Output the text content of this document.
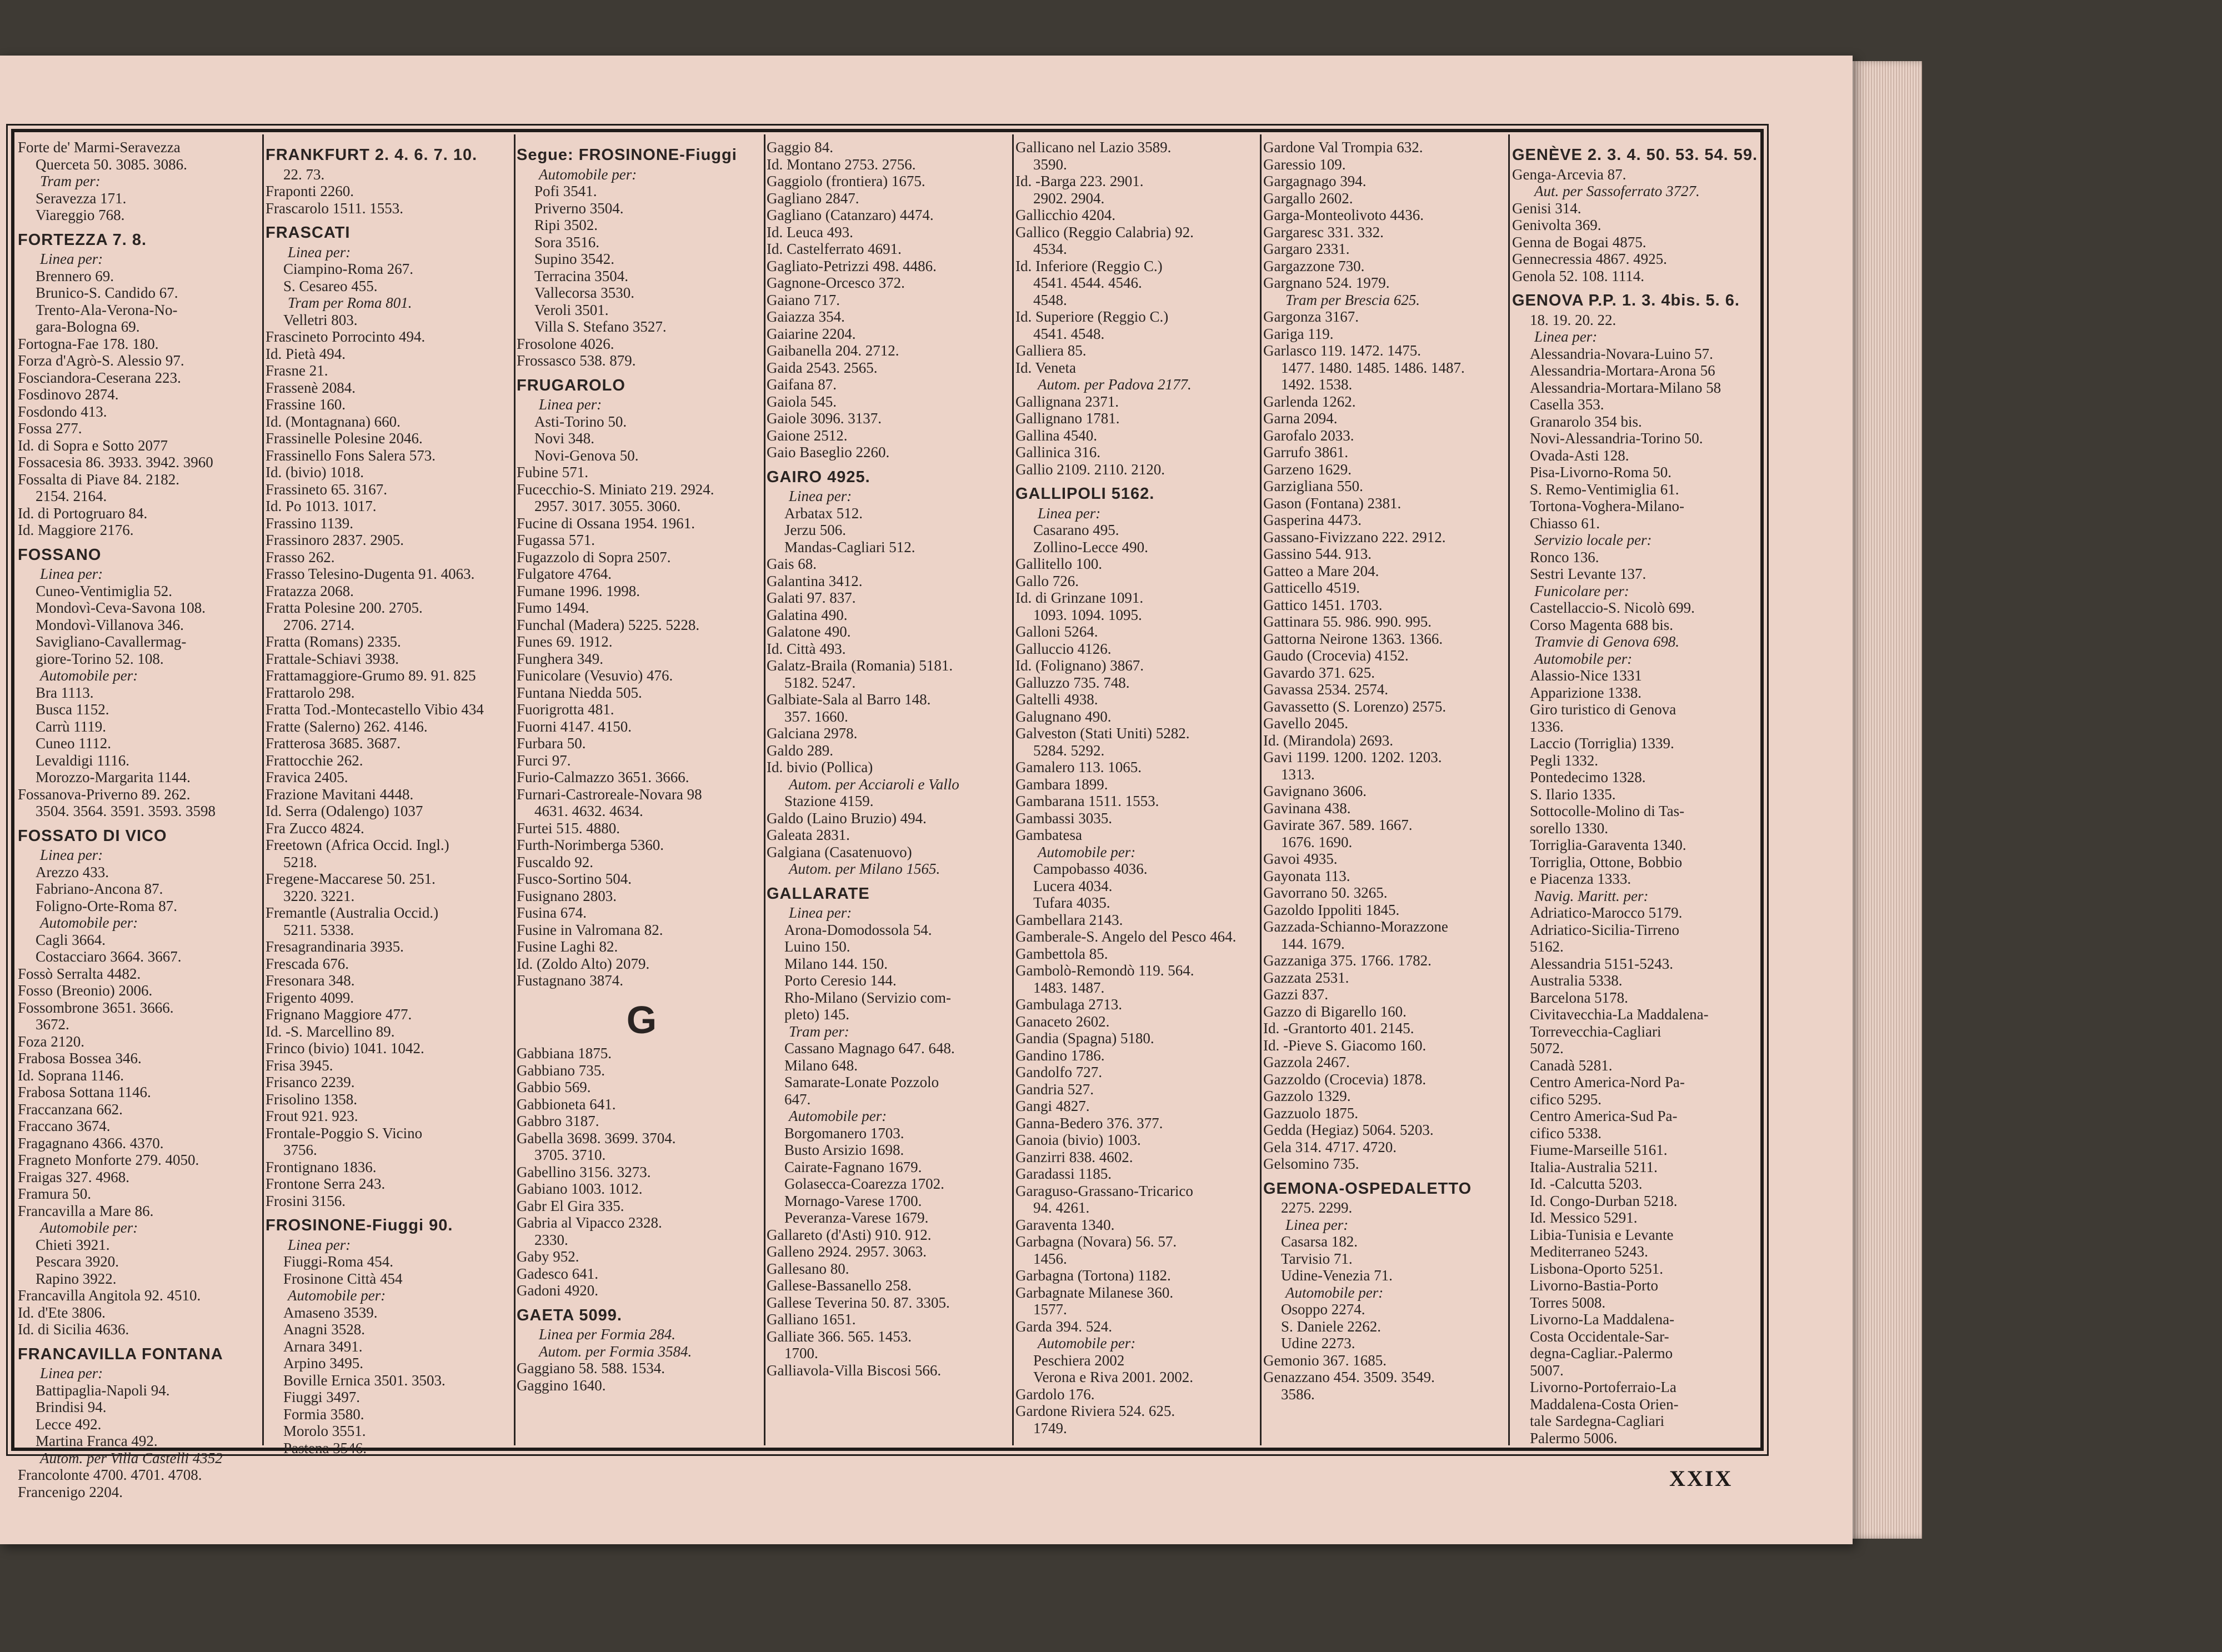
Forte de' Marmi-Seravezza
Querceta 50. 3085. 3086.
Tram per:
Seravezza 171.
Viareggio 768.
FORTEZZA 7. 8.
Linea per:
Brennero 69.
Brunico-S. Candido 67.
Trento-Ala-Verona-No-
gara-Bologna 69.
Fortogna-Fae 178. 180.
Forza d'Agrò-S. Alessio 97.
Fosciandora-Ceserana 223.
Fosdinovo 2874.
Fosdondo 413.
Fossa 277.
Id. di Sopra e Sotto 2077
Fossacesia 86. 3933. 3942. 3960
Fossalta di Piave 84. 2182.
2154. 2164.
Id. di Portogruaro 84.
Id. Maggiore 2176.
FOSSANO
Linea per:
Cuneo-Ventimiglia 52.
Mondovì-Ceva-Savona 108.
Mondovì-Villanova 346.
Savigliano-Cavallermag-
giore-Torino 52. 108.
Automobile per:
Bra 1113.
Busca 1152.
Carrù 1119.
Cuneo 1112.
Levaldigi 1116.
Morozzo-Margarita 1144.
Fossanova-Priverno 89. 262.
3504. 3564. 3591. 3593. 3598
FOSSATO DI VICO
Linea per:
Arezzo 433.
Fabriano-Ancona 87.
Foligno-Orte-Roma 87.
Automobile per:
Cagli 3664.
Costacciaro 3664. 3667.
Fossò Serralta 4482.
Fosso (Breonio) 2006.
Fossombrone 3651. 3666.
3672.
Foza 2120.
Frabosa Bossea 346.
Id. Soprana 1146.
Frabosa Sottana 1146.
Fraccanzana 662.
Fraccano 3674.
Fragagnano 4366. 4370.
Fragneto Monforte 279. 4050.
Fraigas 327. 4968.
Framura 50.
Francavilla a Mare 86.
Automobile per:
Chieti 3921.
Pescara 3920.
Rapino 3922.
Francavilla Angitola 92. 4510.
Id. d'Ete 3806.
Id. di Sicilia 4636.
FRANCAVILLA FONTANA
Linea per:
Battipaglia-Napoli 94.
Brindisi 94.
Lecce 492.
Martina Franca 492.
Autom. per Villa Castelli 4352
Francolonte 4700. 4701. 4708.
Francenigo 2204.
FRANKFURT 2. 4. 6. 7. 10.
22. 73.
Fraponti 2260.
Frascarolo 1511. 1553.
FRASCATI
Linea per:
Ciampino-Roma 267.
S. Cesareo 455.
Tram per Roma 801.
Velletri 803.
Frascineto Porrocinto 494.
Id. Pietà 494.
Frasne 21.
Frassenè 2084.
Frassine 160.
Id. (Montagnana) 660.
Frassinelle Polesine 2046.
Frassinello Fons Salera 573.
Id. (bivio) 1018.
Frassineto 65. 3167.
Id. Po 1013. 1017.
Frassino 1139.
Frassinoro 2837. 2905.
Frasso 262.
Frasso Telesino-Dugenta 91. 4063.
Fratazza 2068.
Fratta Polesine 200. 2705.
2706. 2714.
Fratta (Romans) 2335.
Frattale-Schiavi 3938.
Frattamaggiore-Grumo 89. 91. 825
Frattarolo 298.
Fratta Tod.-Montecastello Vibio 434
Fratte (Salerno) 262. 4146.
Fratterosa 3685. 3687.
Frattocchie 262.
Fravica 2405.
Frazione Mavitani 4448.
Id. Serra (Odalengo) 1037
Fra Zucco 4824.
Freetown (Africa Occid. Ingl.)
5218.
Fregene-Maccarese 50. 251.
3220. 3221.
Fremantle (Australia Occid.)
5211. 5338.
Fresagrandinaria 3935.
Frescada 676.
Fresonara 348.
Frigento 4099.
Frignano Maggiore 477.
Id. -S. Marcellino 89.
Frinco (bivio) 1041. 1042.
Frisa 3945.
Frisanco 2239.
Frisolino 1358.
Frout 921. 923.
Frontale-Poggio S. Vicino
3756.
Frontignano 1836.
Frontone Serra 243.
Frosini 3156.
FROSINONE-Fiuggi 90.
Linea per:
Fiuggi-Roma 454.
Frosinone Città 454
Automobile per:
Amaseno 3539.
Anagni 3528.
Arnara 3491.
Arpino 3495.
Boville Ernica 3501. 3503.
Fiuggi 3497.
Formia 3580.
Morolo 3551.
Pastena 3546.
Segue: FROSINONE-Fiuggi
Automobile per:
Pofi 3541.
Priverno 3504.
Ripi 3502.
Sora 3516.
Supino 3542.
Terracina 3504.
Vallecorsa 3530.
Veroli 3501.
Villa S. Stefano 3527.
Frosolone 4026.
Frossasco 538. 879.
FRUGAROLO
Linea per:
Asti-Torino 50.
Novi 348.
Novi-Genova 50.
Fubine 571.
Fucecchio-S. Miniato 219. 2924.
2957. 3017. 3055. 3060.
Fucine di Ossana 1954. 1961.
Fugassa 571.
Fugazzolo di Sopra 2507.
Fulgatore 4764.
Fumane 1996. 1998.
Fumo 1494.
Funchal (Madera) 5225. 5228.
Funes 69. 1912.
Funghera 349.
Funicolare (Vesuvio) 476.
Funtana Niedda 505.
Fuorigrotta 481.
Fuorni 4147. 4150.
Furbara 50.
Furci 97.
Furio-Calmazzo 3651. 3666.
Furnari-Castroreale-Novara 98
4631. 4632. 4634.
Furtei 515. 4880.
Furth-Norimberga 5360.
Fuscaldo 92.
Fusco-Sortino 504.
Fusignano 2803.
Fusina 674.
Fusine in Valromana 82.
Fusine Laghi 82.
Id. (Zoldo Alto) 2079.
Fustagnano 3874.
G
Gabbiana 1875.
Gabbiano 735.
Gabbio 569.
Gabbioneta 641.
Gabbro 3187.
Gabella 3698. 3699. 3704.
3705. 3710.
Gabellino 3156. 3273.
Gabiano 1003. 1012.
Gabr El Gira 335.
Gabria al Vipacco 2328.
2330.
Gaby 952.
Gadesco 641.
Gadoni 4920.
GAETA 5099.
Linea per Formia 284.
Autom. per Formia 3584.
Gaggiano 58. 588. 1534.
Gaggino 1640.
Gaggio 84.
Id. Montano 2753. 2756.
Gaggiolo (frontiera) 1675.
Gagliano 2847.
Gagliano (Catanzaro) 4474.
Id. Leuca 493.
Id. Castelferrato 4691.
Gagliato-Petrizzi 498. 4486.
Gagnone-Orcesco 372.
Gaiano 717.
Gaiazza 354.
Gaiarine 2204.
Gaibanella 204. 2712.
Gaida 2543. 2565.
Gaifana 87.
Gaiola 545.
Gaiole 3096. 3137.
Gaione 2512.
Gaio Baseglio 2260.
GAIRO 4925.
Linea per:
Arbatax 512.
Jerzu 506.
Mandas-Cagliari 512.
Gais 68.
Galantina 3412.
Galati 97. 837.
Galatina 490.
Galatone 490.
Id. Città 493.
Galatz-Braila (Romania) 5181.
5182. 5247.
Galbiate-Sala al Barro 148.
357. 1660.
Galciana 2978.
Galdo 289.
Id. bivio (Pollica)
Autom. per Acciaroli e Vallo
Stazione 4159.
Galdo (Laino Bruzio) 494.
Galeata 2831.
Galgiana (Casatenuovo)
Autom. per Milano 1565.
GALLARATE
Linea per:
Arona-Domodossola 54.
Luino 150.
Milano 144. 150.
Porto Ceresio 144.
Rho-Milano (Servizio com-
pleto) 145.
Tram per:
Cassano Magnago 647. 648.
Milano 648.
Samarate-Lonate Pozzolo
647.
Automobile per:
Borgomanero 1703.
Busto Arsizio 1698.
Cairate-Fagnano 1679.
Golasecca-Coarezza 1702.
Mornago-Varese 1700.
Peveranza-Varese 1679.
Gallareto (d'Asti) 910. 912.
Galleno 2924. 2957. 3063.
Gallesano 80.
Gallese-Bassanello 258.
Gallese Teverina 50. 87. 3305.
Galliano 1651.
Galliate 366. 565. 1453.
1700.
Galliavola-Villa Biscosi 566.
Gallicano nel Lazio 3589.
3590.
Id. -Barga 223. 2901.
2902. 2904.
Gallicchio 4204.
Gallico (Reggio Calabria) 92.
4534.
Id. Inferiore (Reggio C.)
4541. 4544. 4546.
4548.
Id. Superiore (Reggio C.)
4541. 4548.
Galliera 85.
Id. Veneta
Autom. per Padova 2177.
Gallignana 2371.
Gallignano 1781.
Gallina 4540.
Gallinica 316.
Gallio 2109. 2110. 2120.
GALLIPOLI 5162.
Linea per:
Casarano 495.
Zollino-Lecce 490.
Gallitello 100.
Gallo 726.
Id. di Grinzane 1091.
1093. 1094. 1095.
Galloni 5264.
Galluccio 4126.
Id. (Folignano) 3867.
Galluzzo 735. 748.
Galtelli 4938.
Galugnano 490.
Galveston (Stati Uniti) 5282.
5284. 5292.
Gamalero 113. 1065.
Gambara 1899.
Gambarana 1511. 1553.
Gambassi 3035.
Gambatesa
Automobile per:
Campobasso 4036.
Lucera 4034.
Tufara 4035.
Gambellara 2143.
Gamberale-S. Angelo del Pesco 464.
Gambettola 85.
Gambolò-Remondò 119. 564.
1483. 1487.
Gambulaga 2713.
Ganaceto 2602.
Gandia (Spagna) 5180.
Gandino 1786.
Gandolfo 727.
Gandria 527.
Gangi 4827.
Ganna-Bedero 376. 377.
Ganoia (bivio) 1003.
Ganzirri 838. 4602.
Garadassi 1185.
Garaguso-Grassano-Tricarico
94. 4261.
Garaventa 1340.
Garbagna (Novara) 56. 57.
1456.
Garbagna (Tortona) 1182.
Garbagnate Milanese 360.
1577.
Garda 394. 524.
Automobile per:
Peschiera 2002
Verona e Riva 2001. 2002.
Gardolo 176.
Gardone Riviera 524. 625.
1749.
Gardone Val Trompia 632.
Garessio 109.
Gargagnago 394.
Gargallo 2602.
Garga-Monteolivoto 4436.
Gargaresc 331. 332.
Gargaro 2331.
Gargazzone 730.
Gargnano 524. 1979.
Tram per Brescia 625.
Gargonza 3167.
Gariga 119.
Garlasco 119. 1472. 1475.
1477. 1480. 1485. 1486. 1487.
1492. 1538.
Garlenda 1262.
Garna 2094.
Garofalo 2033.
Garrufo 3861.
Garzeno 1629.
Garzigliana 550.
Gason (Fontana) 2381.
Gasperina 4473.
Gassano-Fivizzano 222. 2912.
Gassino 544. 913.
Gatteo a Mare 204.
Gatticello 4519.
Gattico 1451. 1703.
Gattinara 55. 986. 990. 995.
Gattorna Neirone 1363. 1366.
Gaudo (Crocevia) 4152.
Gavardo 371. 625.
Gavassa 2534. 2574.
Gavassetto (S. Lorenzo) 2575.
Gavello 2045.
Id. (Mirandola) 2693.
Gavi 1199. 1200. 1202. 1203.
1313.
Gavignano 3606.
Gavinana 438.
Gavirate 367. 589. 1667.
1676. 1690.
Gavoi 4935.
Gayonata 113.
Gavorrano 50. 3265.
Gazoldo Ippoliti 1845.
Gazzada-Schianno-Morazzone
144. 1679.
Gazzaniga 375. 1766. 1782.
Gazzata 2531.
Gazzi 837.
Gazzo di Bigarello 160.
Id. -Grantorto 401. 2145.
Id. -Pieve S. Giacomo 160.
Gazzola 2467.
Gazzoldo (Crocevia) 1878.
Gazzolo 1329.
Gazzuolo 1875.
Gedda (Hegiaz) 5064. 5203.
Gela 314. 4717. 4720.
Gelsomino 735.
GEMONA-OSPEDALETTO
2275. 2299.
Linea per:
Casarsa 182.
Tarvisio 71.
Udine-Venezia 71.
Automobile per:
Osoppo 2274.
S. Daniele 2262.
Udine 2273.
Gemonio 367. 1685.
Genazzano 454. 3509. 3549.
3586.
GENÈVE 2. 3. 4. 50. 53. 54. 59.
Genga-Arcevia 87.
Aut. per Sassoferrato 3727.
Genisi 314.
Genivolta 369.
Genna de Bogai 4875.
Gennecressia 4867. 4925.
Genola 52. 108. 1114.
GENOVA P.P. 1. 3. 4bis. 5. 6.
18. 19. 20. 22.
Linea per:
Alessandria-Novara-Luino 57.
Alessandria-Mortara-Arona 56
Alessandria-Mortara-Milano 58
Casella 353.
Granarolo 354 bis.
Novi-Alessandria-Torino 50.
Ovada-Asti 128.
Pisa-Livorno-Roma 50.
S. Remo-Ventimiglia 61.
Tortona-Voghera-Milano-
Chiasso 61.
Servizio locale per:
Ronco 136.
Sestri Levante 137.
Funicolare per:
Castellaccio-S. Nicolò 699.
Corso Magenta 688 bis.
Tramvie di Genova 698.
Automobile per:
Alassio-Nice 1331
Apparizione 1338.
Giro turistico di Genova
1336.
Laccio (Torriglia) 1339.
Pegli 1332.
Pontedecimo 1328.
S. Ilario 1335.
Sottocolle-Molino di Tas-
sorello 1330.
Torriglia-Garaventa 1340.
Torriglia, Ottone, Bobbio
e Piacenza 1333.
Navig. Maritt. per:
Adriatico-Marocco 5179.
Adriatico-Sicilia-Tirreno
5162.
Alessandria 5151-5243.
Australia 5338.
Barcelona 5178.
Civitavecchia-La Maddalena-
Torrevecchia-Cagliari
5072.
Canadà 5281.
Centro America-Nord Pa-
cifico 5295.
Centro America-Sud Pa-
cifico 5338.
Fiume-Marseille 5161.
Italia-Australia 5211.
Id. -Calcutta 5203.
Id. Congo-Durban 5218.
Id. Messico 5291.
Libia-Tunisia e Levante
Mediterraneo 5243.
Lisbona-Oporto 5251.
Livorno-Bastia-Porto
Torres 5008.
Livorno-La Maddalena-
Costa Occidentale-Sar-
degna-Cagliar.-Palermo
5007.
Livorno-Portoferraio-La
Maddalena-Costa Orien-
tale Sardegna-Cagliari
Palermo 5006.
XXIX
